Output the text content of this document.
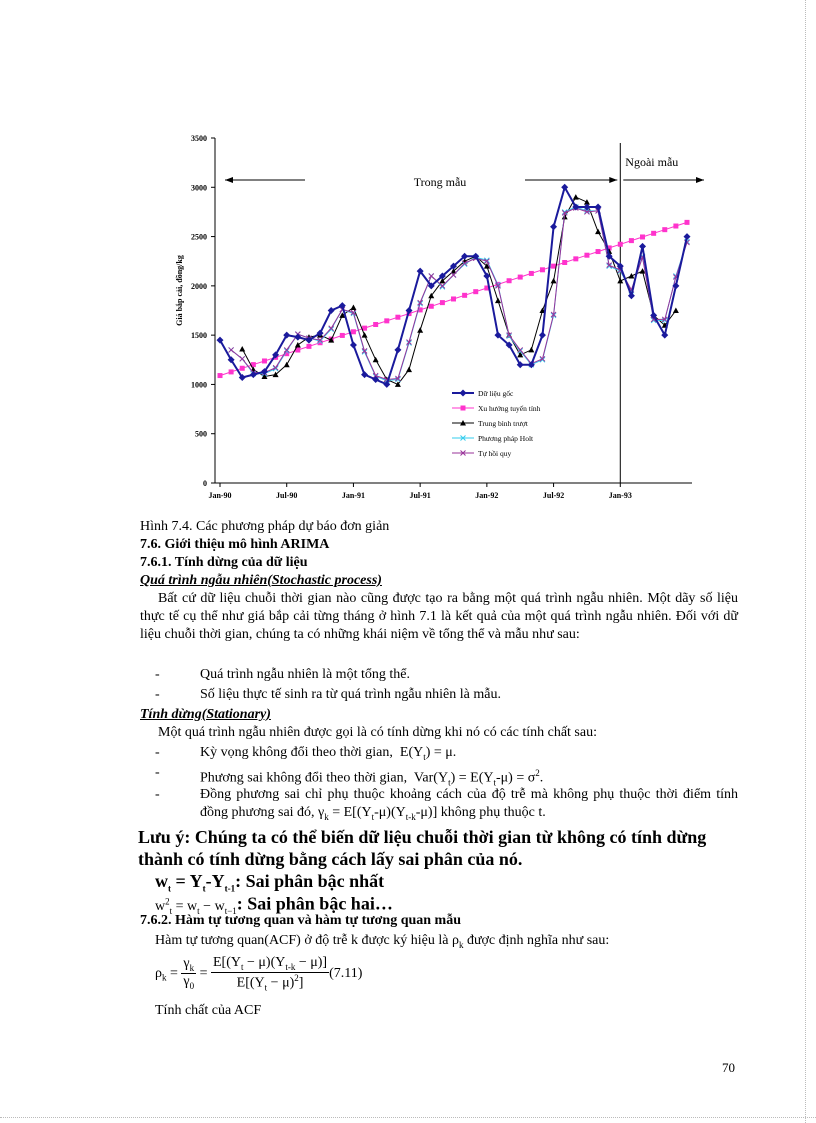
0
500
1000
1500
2000
2500
3000
3500
Jan-90	Jul-90	Jan-91	Jul-91	Jan-92	Jul-92	Jan-93
Giá bắp cải, đồng/kg
Trong mẫu
Ngoài mẫu
Dữ liệu gốc
Xu hướng tuyến tính
Trung bình trượt
Phương pháp Holt
Tự hồi quy
Hình 7.4. Các phương pháp dự báo đơn giản
7.6. Giới thiệu mô hình ARIMA
7.6.1. Tính dừng của dữ liệu
Quá trình ngẫu nhiên(Stochastic process)
Bất cứ dữ liệu chuỗi thời gian nào cũng được tạo ra bằng một quá trình ngẫu nhiên. Một dãy số liệu thực tế cụ thể như giá bắp cải từng tháng ở hình 7.1 là kết quả của một quá trình ngẫu nhiên. Đối với dữ liệu chuỗi thời gian, chúng ta có những khái niệm về tổng thể và mẫu như sau:
-	Quá trình ngẫu nhiên là một tổng thể.
-	Số liệu thực tế sinh ra từ quá trình ngẫu nhiên là mẫu.
Tính dừng(Stationary)
Một quá trình ngẫu nhiên được gọi là có tính dừng khi nó có các tính chất sau:
-	Kỳ vọng không đổi theo thời gian,  $E(Y_t) = \mu$.
-	Phương sai không đổi theo thời gian,  $Var(Y_t) = E(Y_t-\mu) = \sigma^2$.
-	Đồng phương sai chỉ phụ thuộc khoảng cách của độ trễ mà không phụ thuộc thời điểm tính đồng phương sai đó, $\gamma_k = E[(Y_t-\mu)(Y_{t-k}-\mu)]$ không phụ thuộc t.
Lưu ý: Chúng ta có thể biến dữ liệu chuỗi thời gian từ không có tính dừng thành có tính dừng bằng cách lấy sai phân của nó.
$w_t = Y_t-Y_{t-1}$: Sai phân bậc nhất
$w^2_t = w_t - w_{t-1}$: Sai phân bậc hai…
7.6.2. Hàm tự tương quan và hàm tự tương quan mẫu
Hàm tự tương quan(ACF) ở độ trễ k được ký hiệu là $\rho_k$ được định nghĩa như sau:
$\rho_k = \frac{\gamma_k}{\gamma_0} = \frac{E[(Y_t - \mu)(Y_{t-k} - \mu)]}{E[(Y_t - \mu)^2]} (7.11)$
Tính chất của ACF
70
